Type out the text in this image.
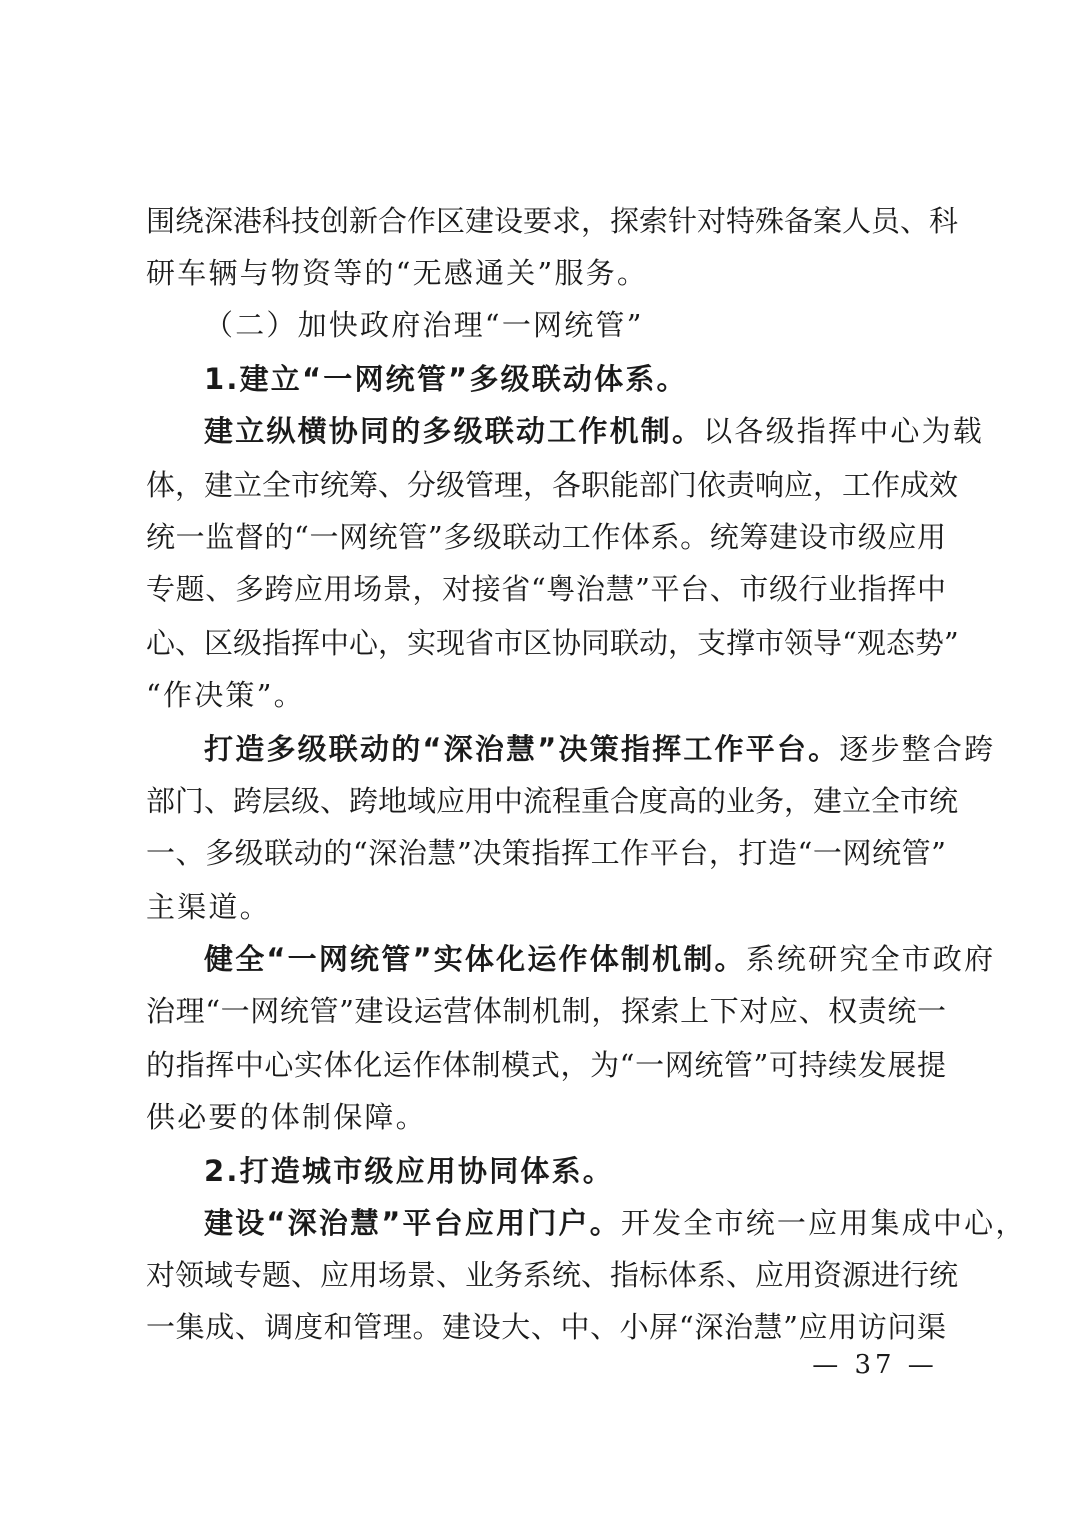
围绕深港科技创新合作区建设要求，探索针对特殊备案人员、科
研车辆与物资等的“无感通关”服务。
（二）加快政府治理“一网统管”
1.建立“一网统管”多级联动体系。
建立纵横协同的多级联动工作机制。以各级指挥中心为载
体，建立全市统筹、分级管理，各职能部门依责响应，工作成效
统一监督的“一网统管”多级联动工作体系。统筹建设市级应用
专题、多跨应用场景，对接省“粤治慧”平台、市级行业指挥中
心、区级指挥中心，实现省市区协同联动，支撑市领导“观态势”
“作决策”。
打造多级联动的“深治慧”决策指挥工作平台。逐步整合跨
部门、跨层级、跨地域应用中流程重合度高的业务，建立全市统
一、多级联动的“深治慧”决策指挥工作平台，打造“一网统管”
主渠道。
健全“一网统管”实体化运作体制机制。系统研究全市政府
治理“一网统管”建设运营体制机制，探索上下对应、权责统一
的指挥中心实体化运作体制模式，为“一网统管”可持续发展提
供必要的体制保障。
2.打造城市级应用协同体系。
建设“深治慧”平台应用门户。开发全市统一应用集成中心，
对领域专题、应用场景、业务系统、指标体系、应用资源进行统
一集成、调度和管理。建设大、中、小屏“深治慧”应用访问渠
— 37 —
